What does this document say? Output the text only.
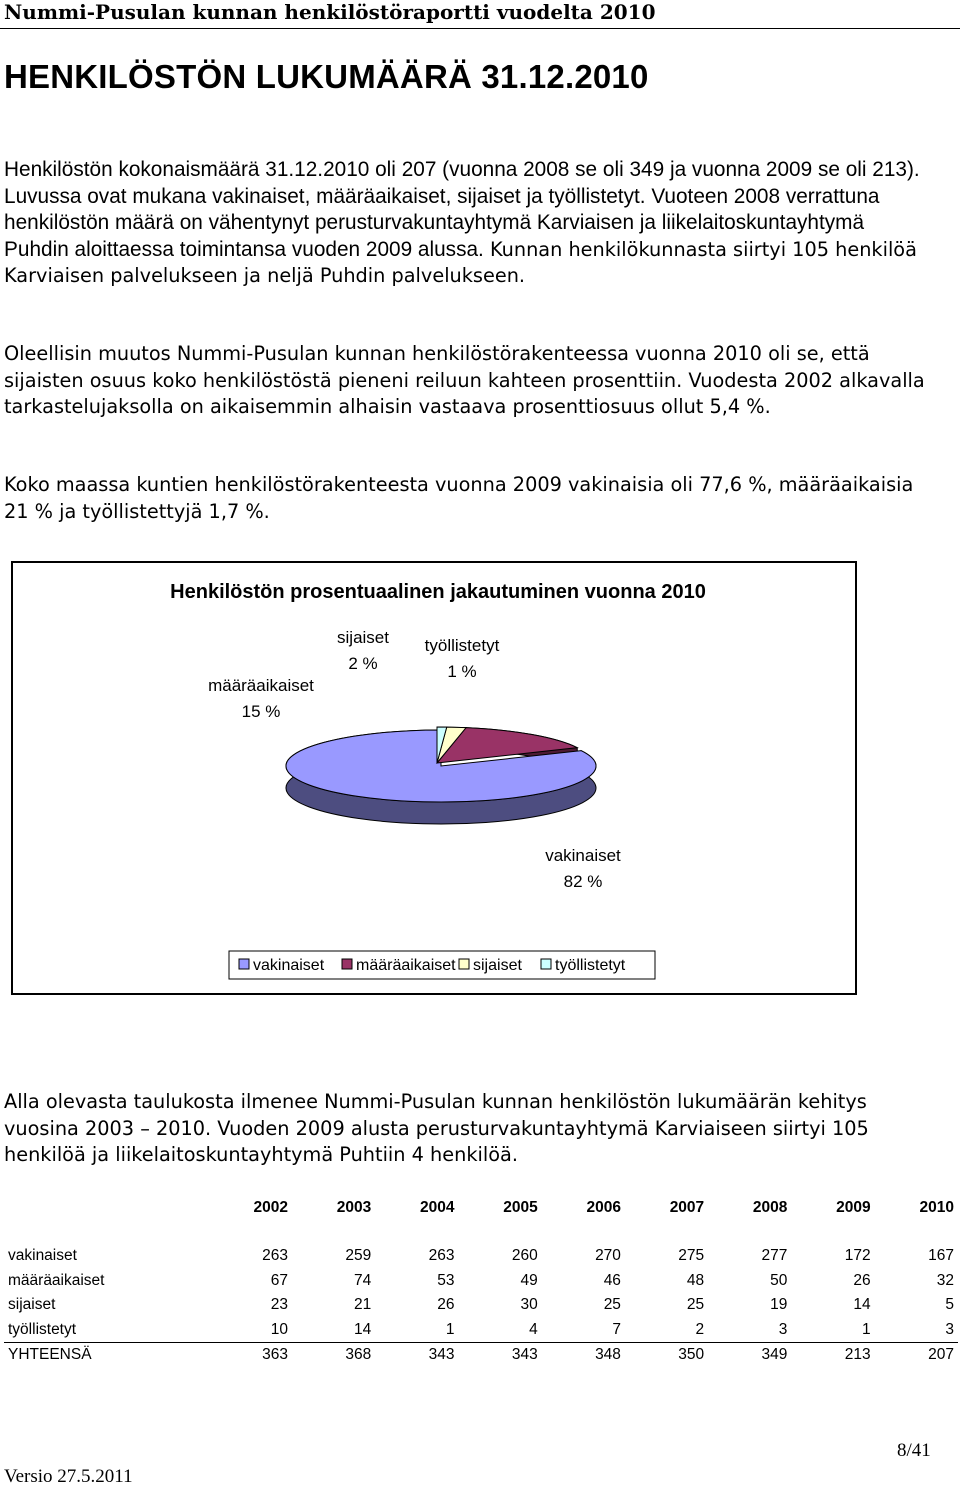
Nummi-Pusulan kunnan henkilöstöraportti vuodelta 2010
HENKILÖSTÖN LUKUMÄÄRÄ 31.12.2010
Henkilöstön kokonaismäärä 31.12.2010 oli 207 (vuonna 2008 se oli 349 ja vuonna 2009 se oli 213). Luvussa ovat mukana vakinaiset, määräaikaiset, sijaiset ja työllistetyt. Vuoteen 2008 verrattuna henkilöstön määrä on vähentynyt perusturvakuntayhtymä Karviaisen ja liikelaitoskuntayhtymä Puhdin aloittaessa toimintansa vuoden 2009 alussa. Kunnan henkilökunnasta siirtyi 105 henkilöä Karviaisen palvelukseen ja neljä Puhdin palvelukseen.
Oleellisin muutos Nummi-Pusulan kunnan henkilöstörakenteessa vuonna 2010 oli se, että sijaisten osuus koko henkilöstöstä pieneni reiluun kahteen prosenttiin. Vuodesta 2002 alkavalla tarkastelujaksolla on aikaisemmin alhaisin vastaava prosenttiosuus ollut 5,4 %.
Koko maassa kuntien henkilöstörakenteesta vuonna 2009 vakinaisia oli 77,6 %, määräaikaisia 21 % ja työllistettyjä 1,7 %.
Henkilöstön prosentuaalinen jakautuminen vuonna 2010
vakinaiset
82 %
määräaikaiset
15 %
sijaiset
2 %
työllistetyt
1 %
vakinaiset määräaikaiset sijaiset työllistetyt
Alla olevasta taulukosta ilmenee Nummi-Pusulan kunnan henkilöstön lukumäärän kehitys vuosina 2003 – 2010. Vuoden 2009 alusta perusturvakuntayhtymä Karviaiseen siirtyi 105 henkilöä ja liikelaitoskuntayhtymä Puhtiin 4 henkilöä.
	2002	2003	2004	2005	2006	2007	2008	2009	2010

vakinaiset	263	259	263	260	270	275	277	172	167
määräaikaiset	67	74	53	49	46	48	50	26	32
sijaiset	23	21	26	30	25	25	19	14	5
työllistetyt	10	14	1	4	7	2	3	1	3
YHTEENSÄ	363	368	343	343	348	350	349	213	207
Versio 27.5.2011
8/41
